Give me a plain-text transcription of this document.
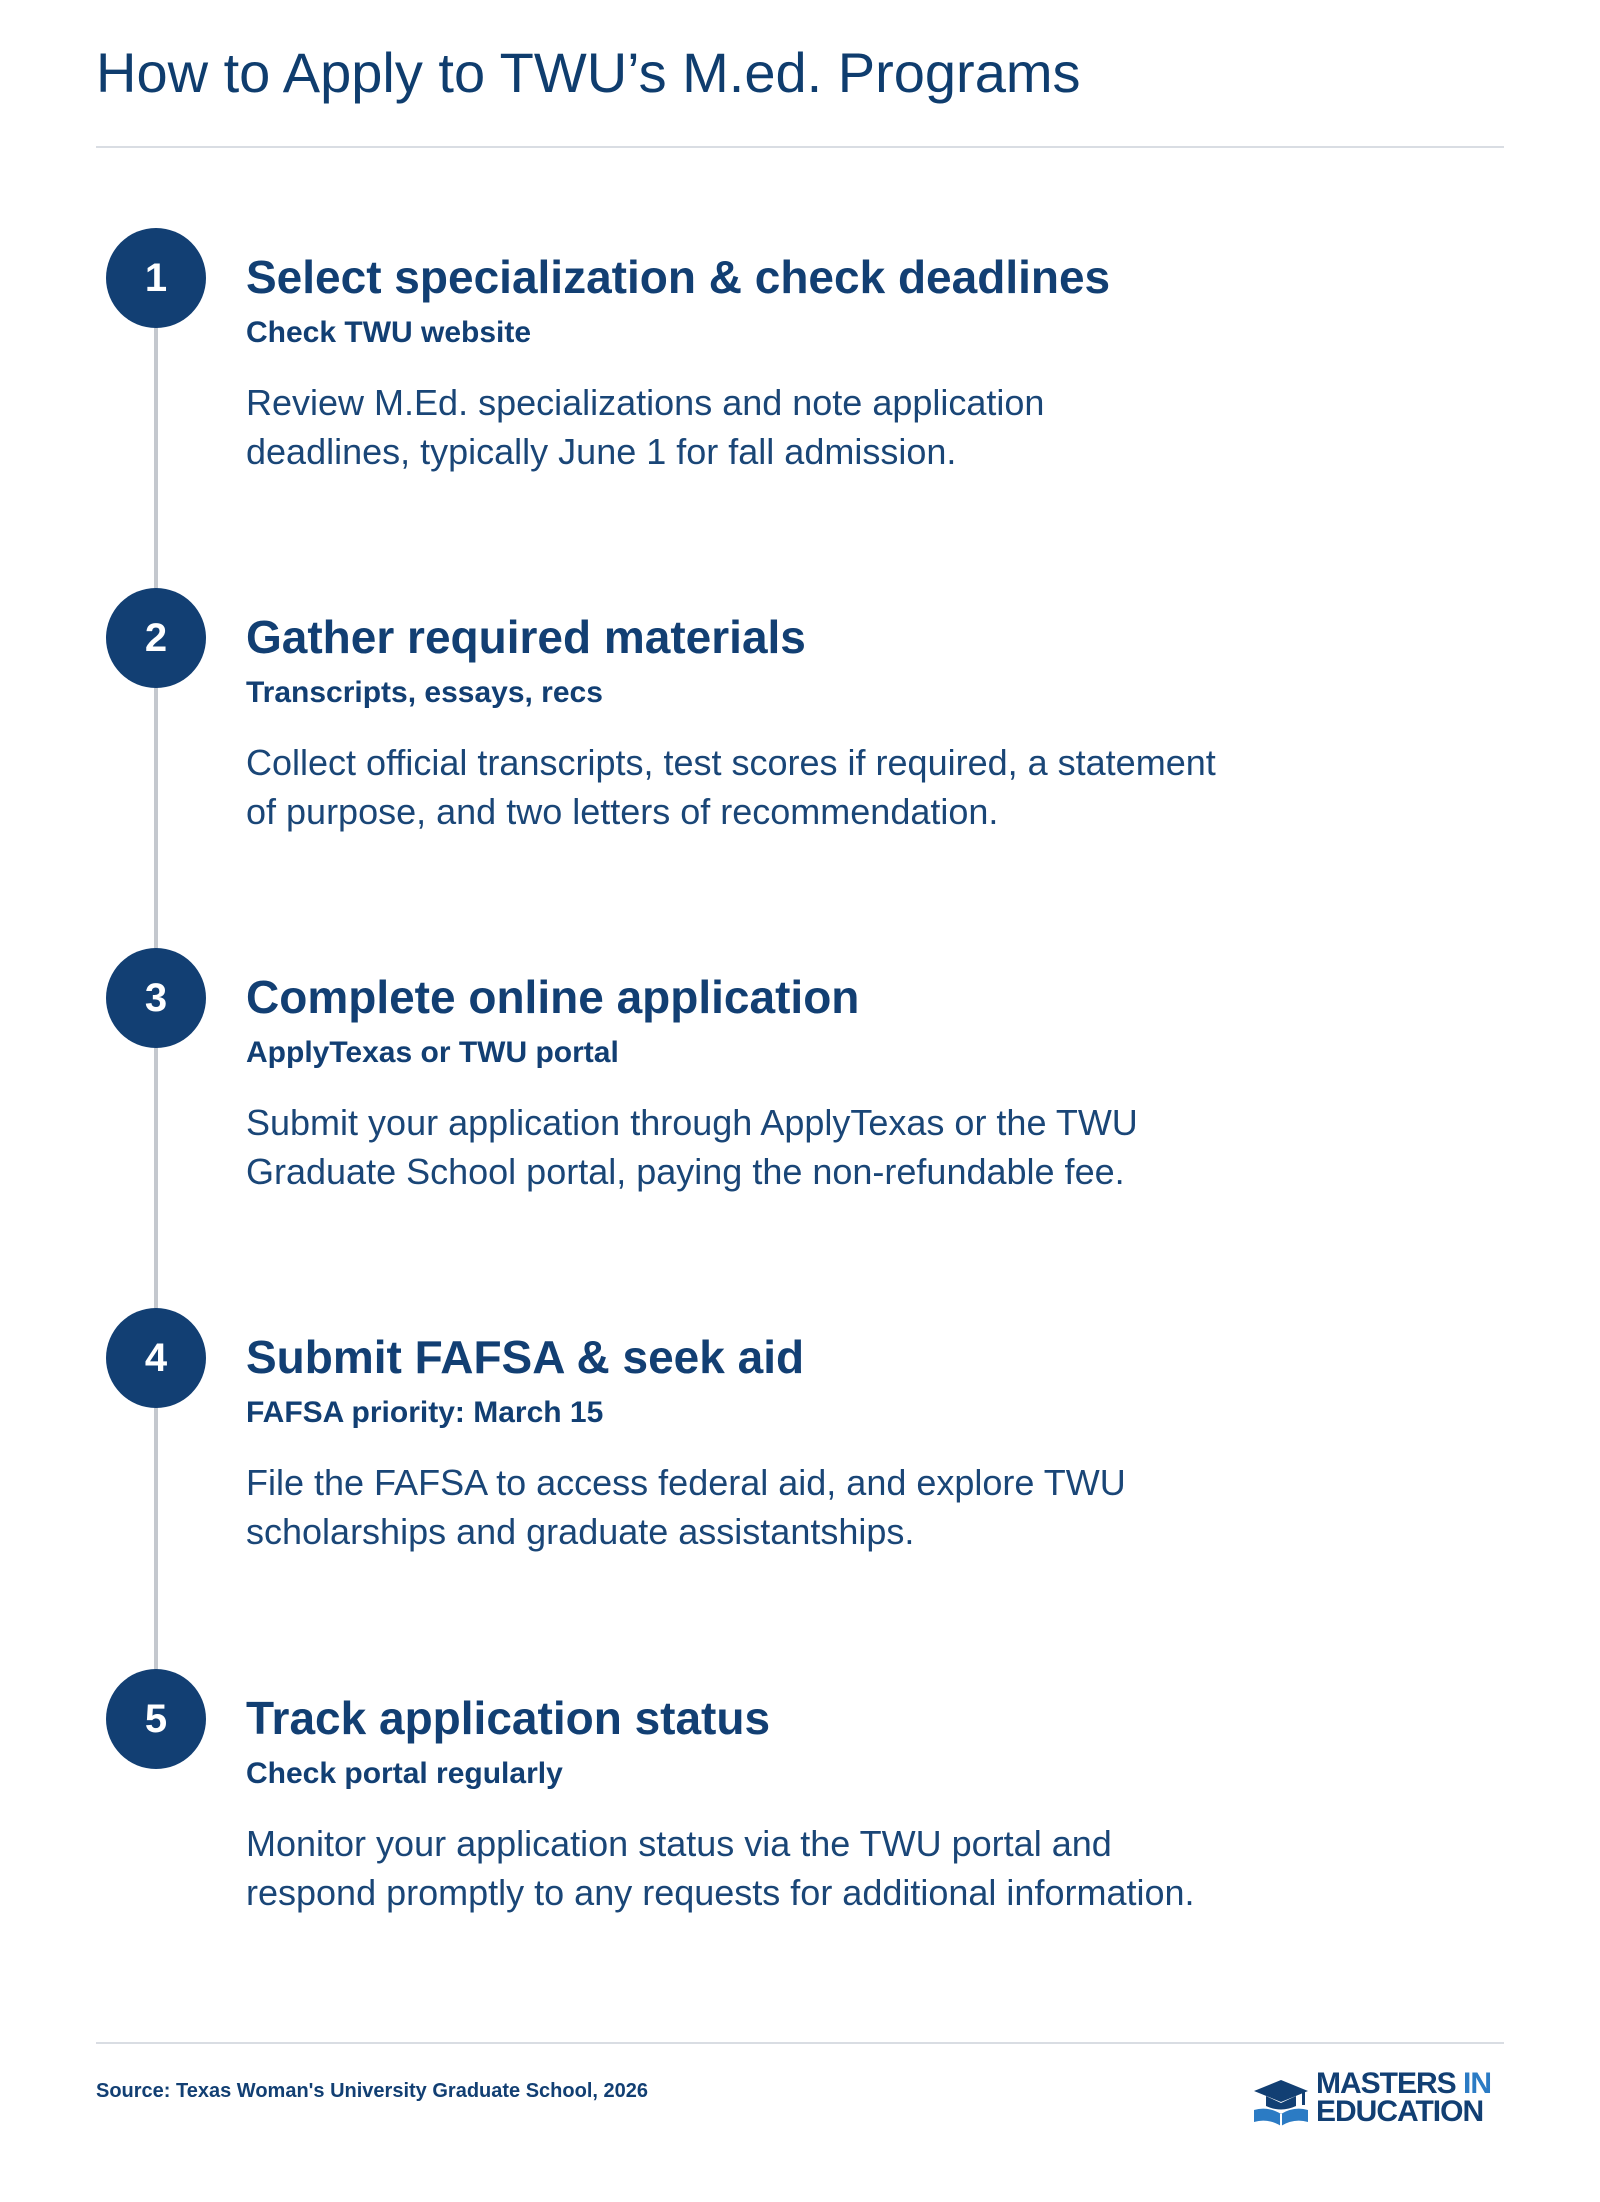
How to Apply to TWU’s M.ed. Programs
1	Select specialization & check deadlines
Check TWU website
Review M.Ed. specializations and note application deadlines, typically June 1 for fall admission.
2	Gather required materials
Transcripts, essays, recs
Collect official transcripts, test scores if required, a statement of purpose, and two letters of recommendation.
3	Complete online application
ApplyTexas or TWU portal
Submit your application through ApplyTexas or the TWU Graduate School portal, paying the non-refundable fee.
4	Submit FAFSA & seek aid
FAFSA priority: March 15
File the FAFSA to access federal aid, and explore TWU scholarships and graduate assistantships.
5	Track application status
Check portal regularly
Monitor your application status via the TWU portal and respond promptly to any requests for additional information.
Source: Texas Woman's University Graduate School, 2026	MASTERS IN
EDUCATION
